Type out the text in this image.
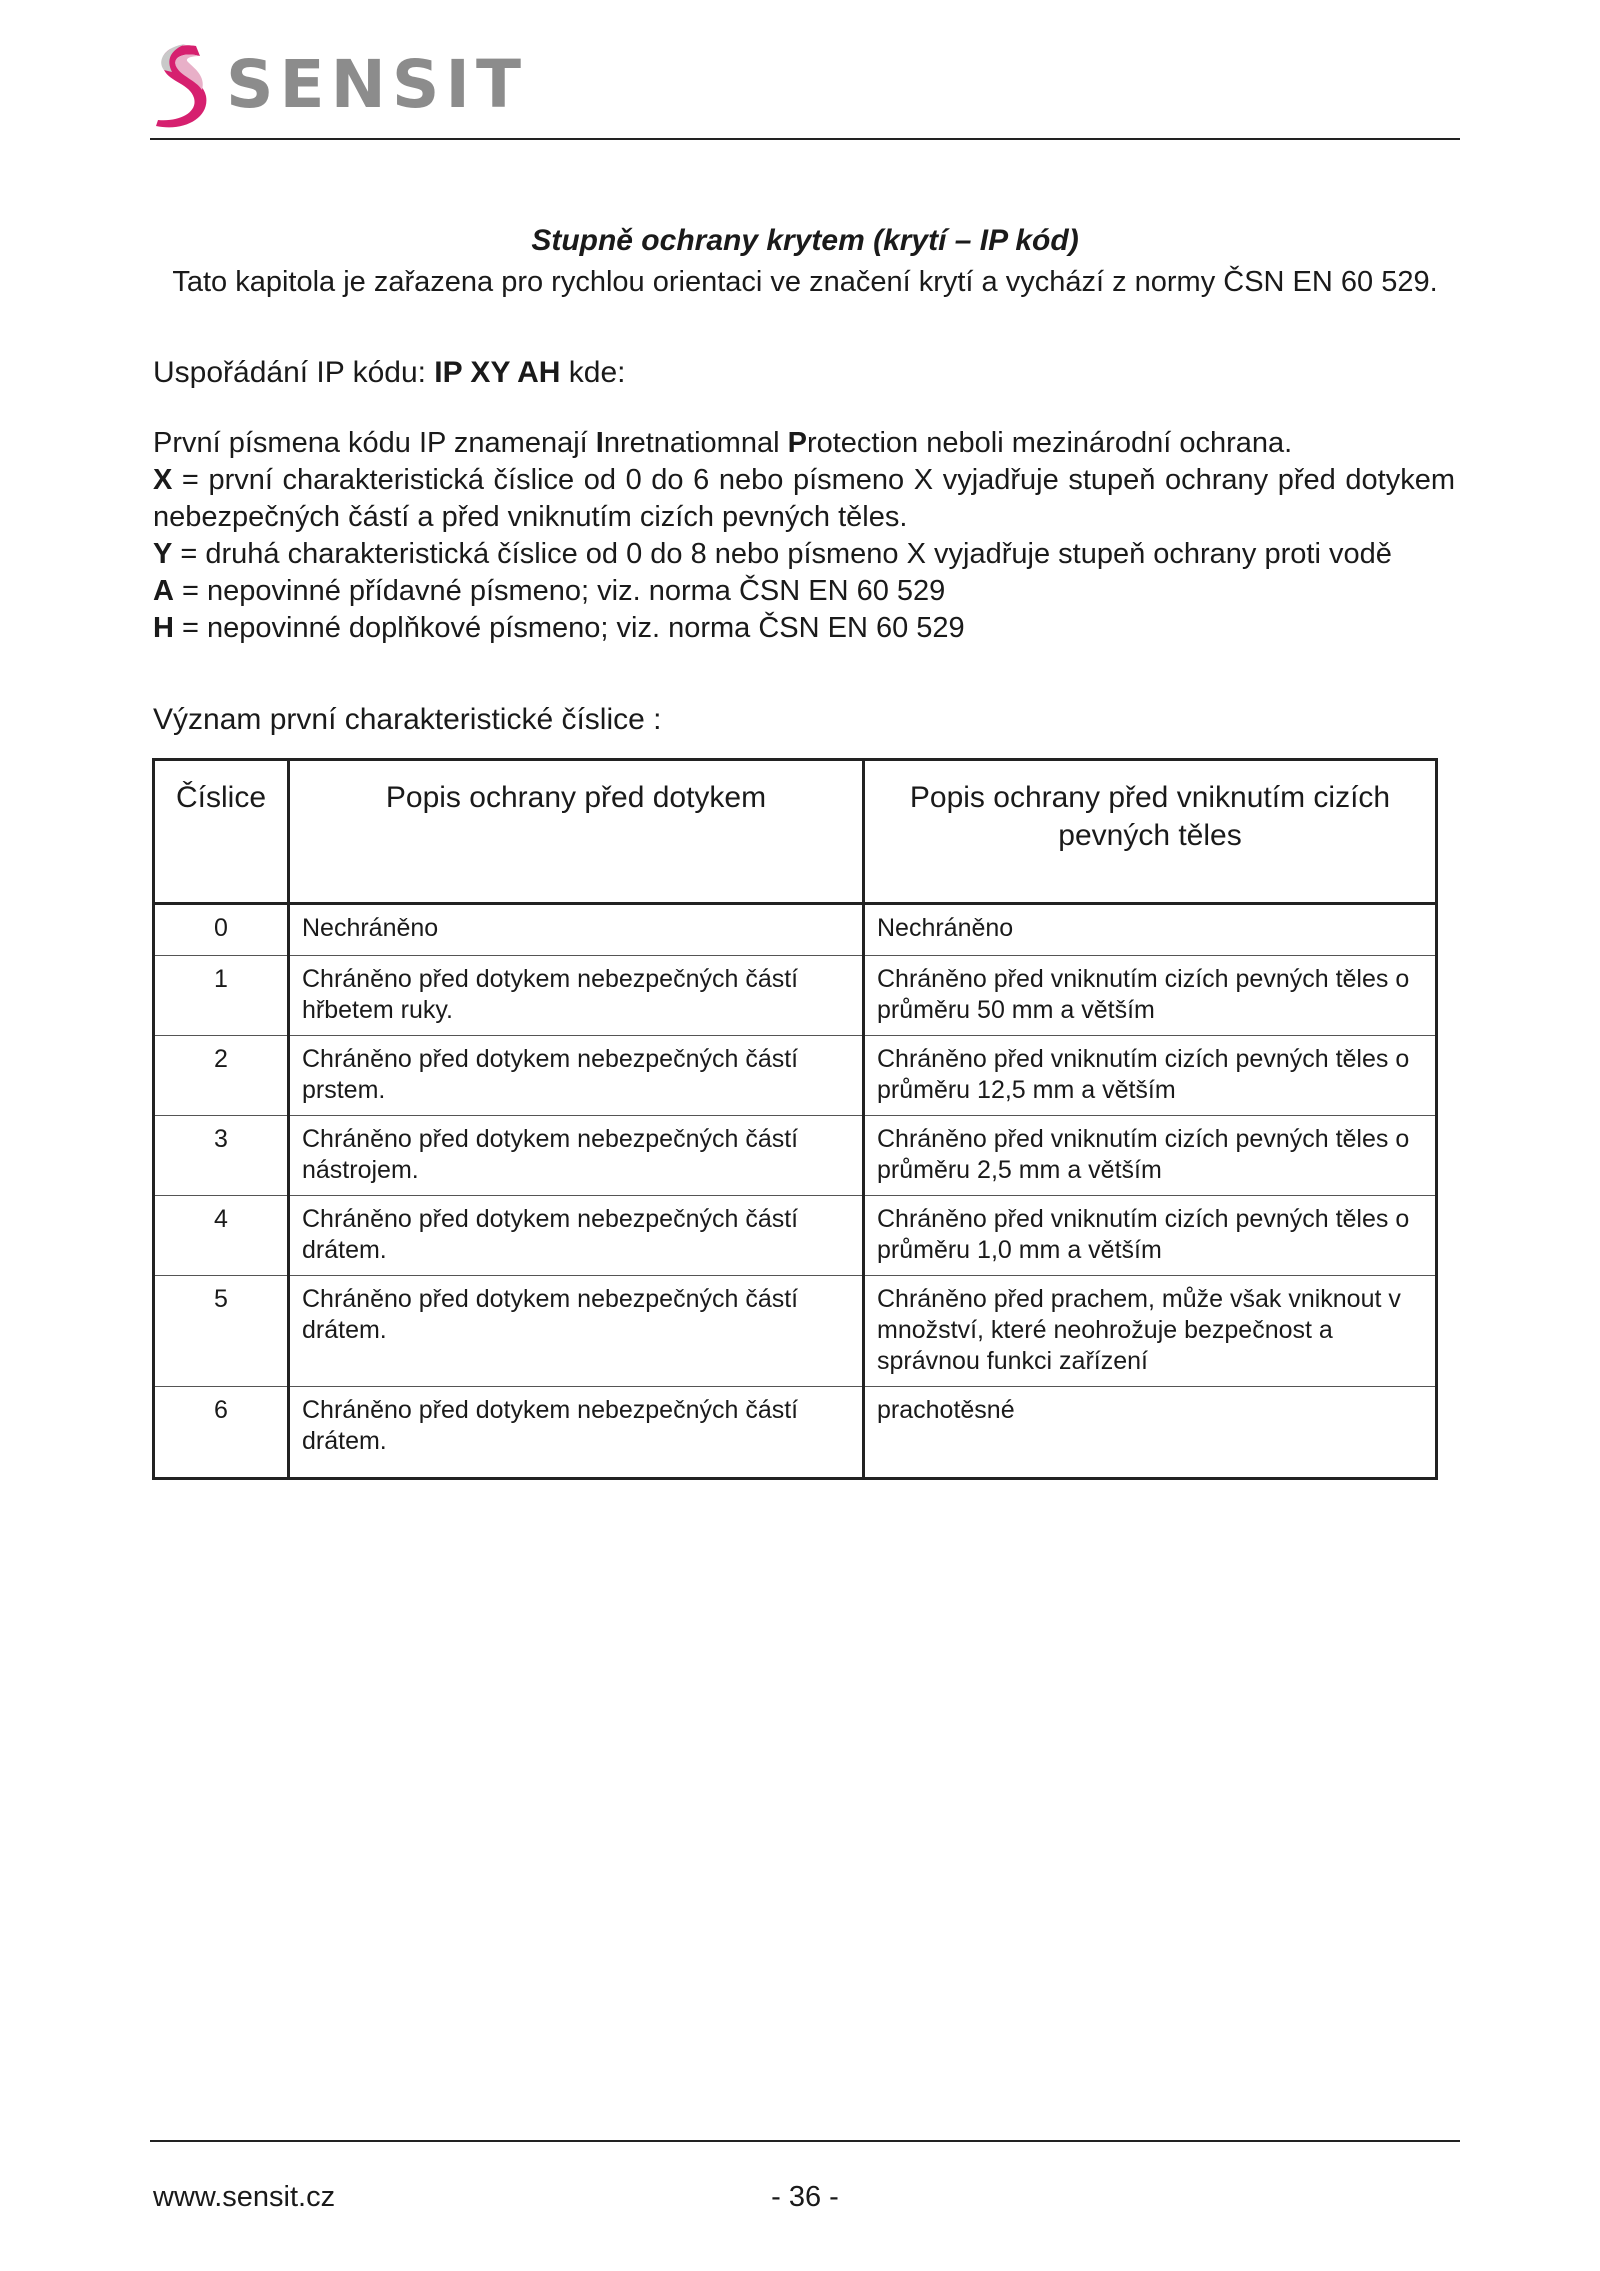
SENSIT
Stupně ochrany krytem (krytí – IP kód)
Tato kapitola je zařazena pro rychlou orientaci ve značení krytí a vychází z normy ČSN EN 60 529.
Uspořádání IP kódu: IP XY AH kde:

První písmena kódu IP znamenají Inretnatiomnal Protection neboli mezinárodní ochrana.

X = první charakteristická číslice od 0 do 6 nebo písmeno X vyjadřuje stupeň ochrany před dotykem nebezpečných částí a před vniknutím cizích pevných těles.

Y = druhá charakteristická číslice od 0 do 8 nebo písmeno X vyjadřuje stupeň ochrany proti vodě

A = nepovinné přídavné písmeno; viz. norma ČSN EN 60 529

H = nepovinné doplňkové písmeno; viz. norma ČSN EN 60 529

Význam první charakteristické číslice :
Číslice	Popis ochrany před dotykem	Popis ochrany před vniknutím cizích pevných těles
0	Nechráněno	Nechráněno
1	Chráněno před dotykem nebezpečných částí hřbetem ruky.	Chráněno před vniknutím cizích pevných těles o průměru 50 mm a větším
2	Chráněno před dotykem nebezpečných částí prstem.	Chráněno před vniknutím cizích pevných těles o průměru 12,5 mm a větším
3	Chráněno před dotykem nebezpečných částí nástrojem.	Chráněno před vniknutím cizích pevných těles o průměru 2,5 mm a větším
4	Chráněno před dotykem nebezpečných částí drátem.	Chráněno před vniknutím cizích pevných těles o průměru 1,0 mm a větším
5	Chráněno před dotykem nebezpečných částí drátem.	Chráněno před prachem, může však vniknout v množství, které neohrožuje bezpečnost a správnou funkci zařízení
6	Chráněno před dotykem nebezpečných částí drátem.	prachotěsné
www.sensit.cz	- 36 -
